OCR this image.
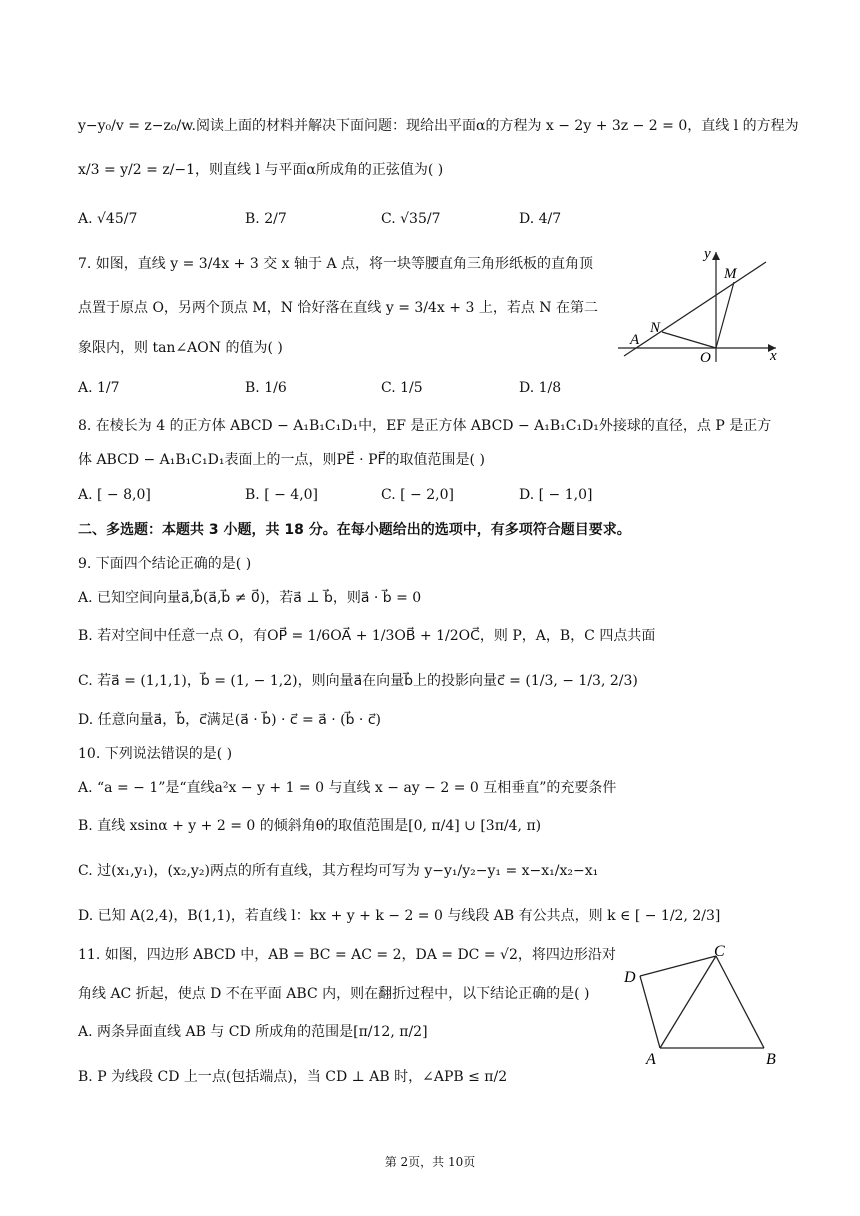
y−y₀/v = z−z₀/w.阅读上面的材料并解决下面问题：现给出平面α的方程为 x − 2y + 3z − 2 = 0，直线 l 的方程为
x/3 = y/2 = z/−1，则直线 l 与平面α所成角的正弦值为( )
A. √45/7	B. 2/7	C. √35/7	D. 4/7
7. 如图，直线 y = 3/4x + 3 交 x 轴于 A 点，将一块等腰直角三角形纸板的直角顶
点置于原点 O，另两个顶点 M，N 恰好落在直线 y = 3/4x + 3 上，若点 N 在第二
象限内，则 tan∠AON 的值为( )
A. 1/7	B. 1/6	C. 1/5	D. 1/8
8. 在棱长为 4 的正方体 ABCD − A₁B₁C₁D₁中，EF 是正方体 ABCD − A₁B₁C₁D₁外接球的直径，点 P 是正方
体 ABCD − A₁B₁C₁D₁表面上的一点，则PE⃗ · PF⃗的取值范围是( )
A. [ − 8,0]	B. [ − 4,0]	C. [ − 2,0]	D. [ − 1,0]
二、多选题：本题共 3 小题，共 18 分。在每小题给出的选项中，有多项符合题目要求。
9. 下面四个结论正确的是( )
A. 已知空间向量a⃗,b⃗(a⃗,b⃗ ≠ 0⃗)，若a⃗ ⊥ b⃗，则a⃗ · b⃗ = 0
B. 若对空间中任意一点 O，有OP⃗ = 1/6OA⃗ + 1/3OB⃗ + 1/2OC⃗，则 P，A，B，C 四点共面
C. 若a⃗ = (1,1,1)，b⃗ = (1, − 1,2)，则向量a⃗在向量b⃗上的投影向量c⃗ = (1/3, − 1/3, 2/3)
D. 任意向量a⃗，b⃗，c⃗满足(a⃗ · b⃗) · c⃗ = a⃗ · (b⃗ · c⃗)
10. 下列说法错误的是( )
A. “a = − 1”是“直线a²x − y + 1 = 0 与直线 x − ay − 2 = 0 互相垂直”的充要条件
B. 直线 xsinα + y + 2 = 0 的倾斜角θ的取值范围是[0, π/4] ∪ [3π/4, π)
C. 过(x₁,y₁)，(x₂,y₂)两点的所有直线，其方程均可写为 y−y₁/y₂−y₁ = x−x₁/x₂−x₁
D. 已知 A(2,4)，B(1,1)，若直线 l：kx + y + k − 2 = 0 与线段 AB 有公共点，则 k ∈ [ − 1/2, 2/3]
11. 如图，四边形 ABCD 中，AB = BC = AC = 2，DA = DC = √2，将四边形沿对
角线 AC 折起，使点 D 不在平面 ABC 内，则在翻折过程中，以下结论正确的是( )
A. 两条异面直线 AB 与 CD 所成角的范围是[π/12, π/2]
B. P 为线段 CD 上一点(包括端点)，当 CD ⊥ AB 时，∠APB ≤ π/2
y
x
M
N
A
O
D
C
A	B
第 2页，共 10页
